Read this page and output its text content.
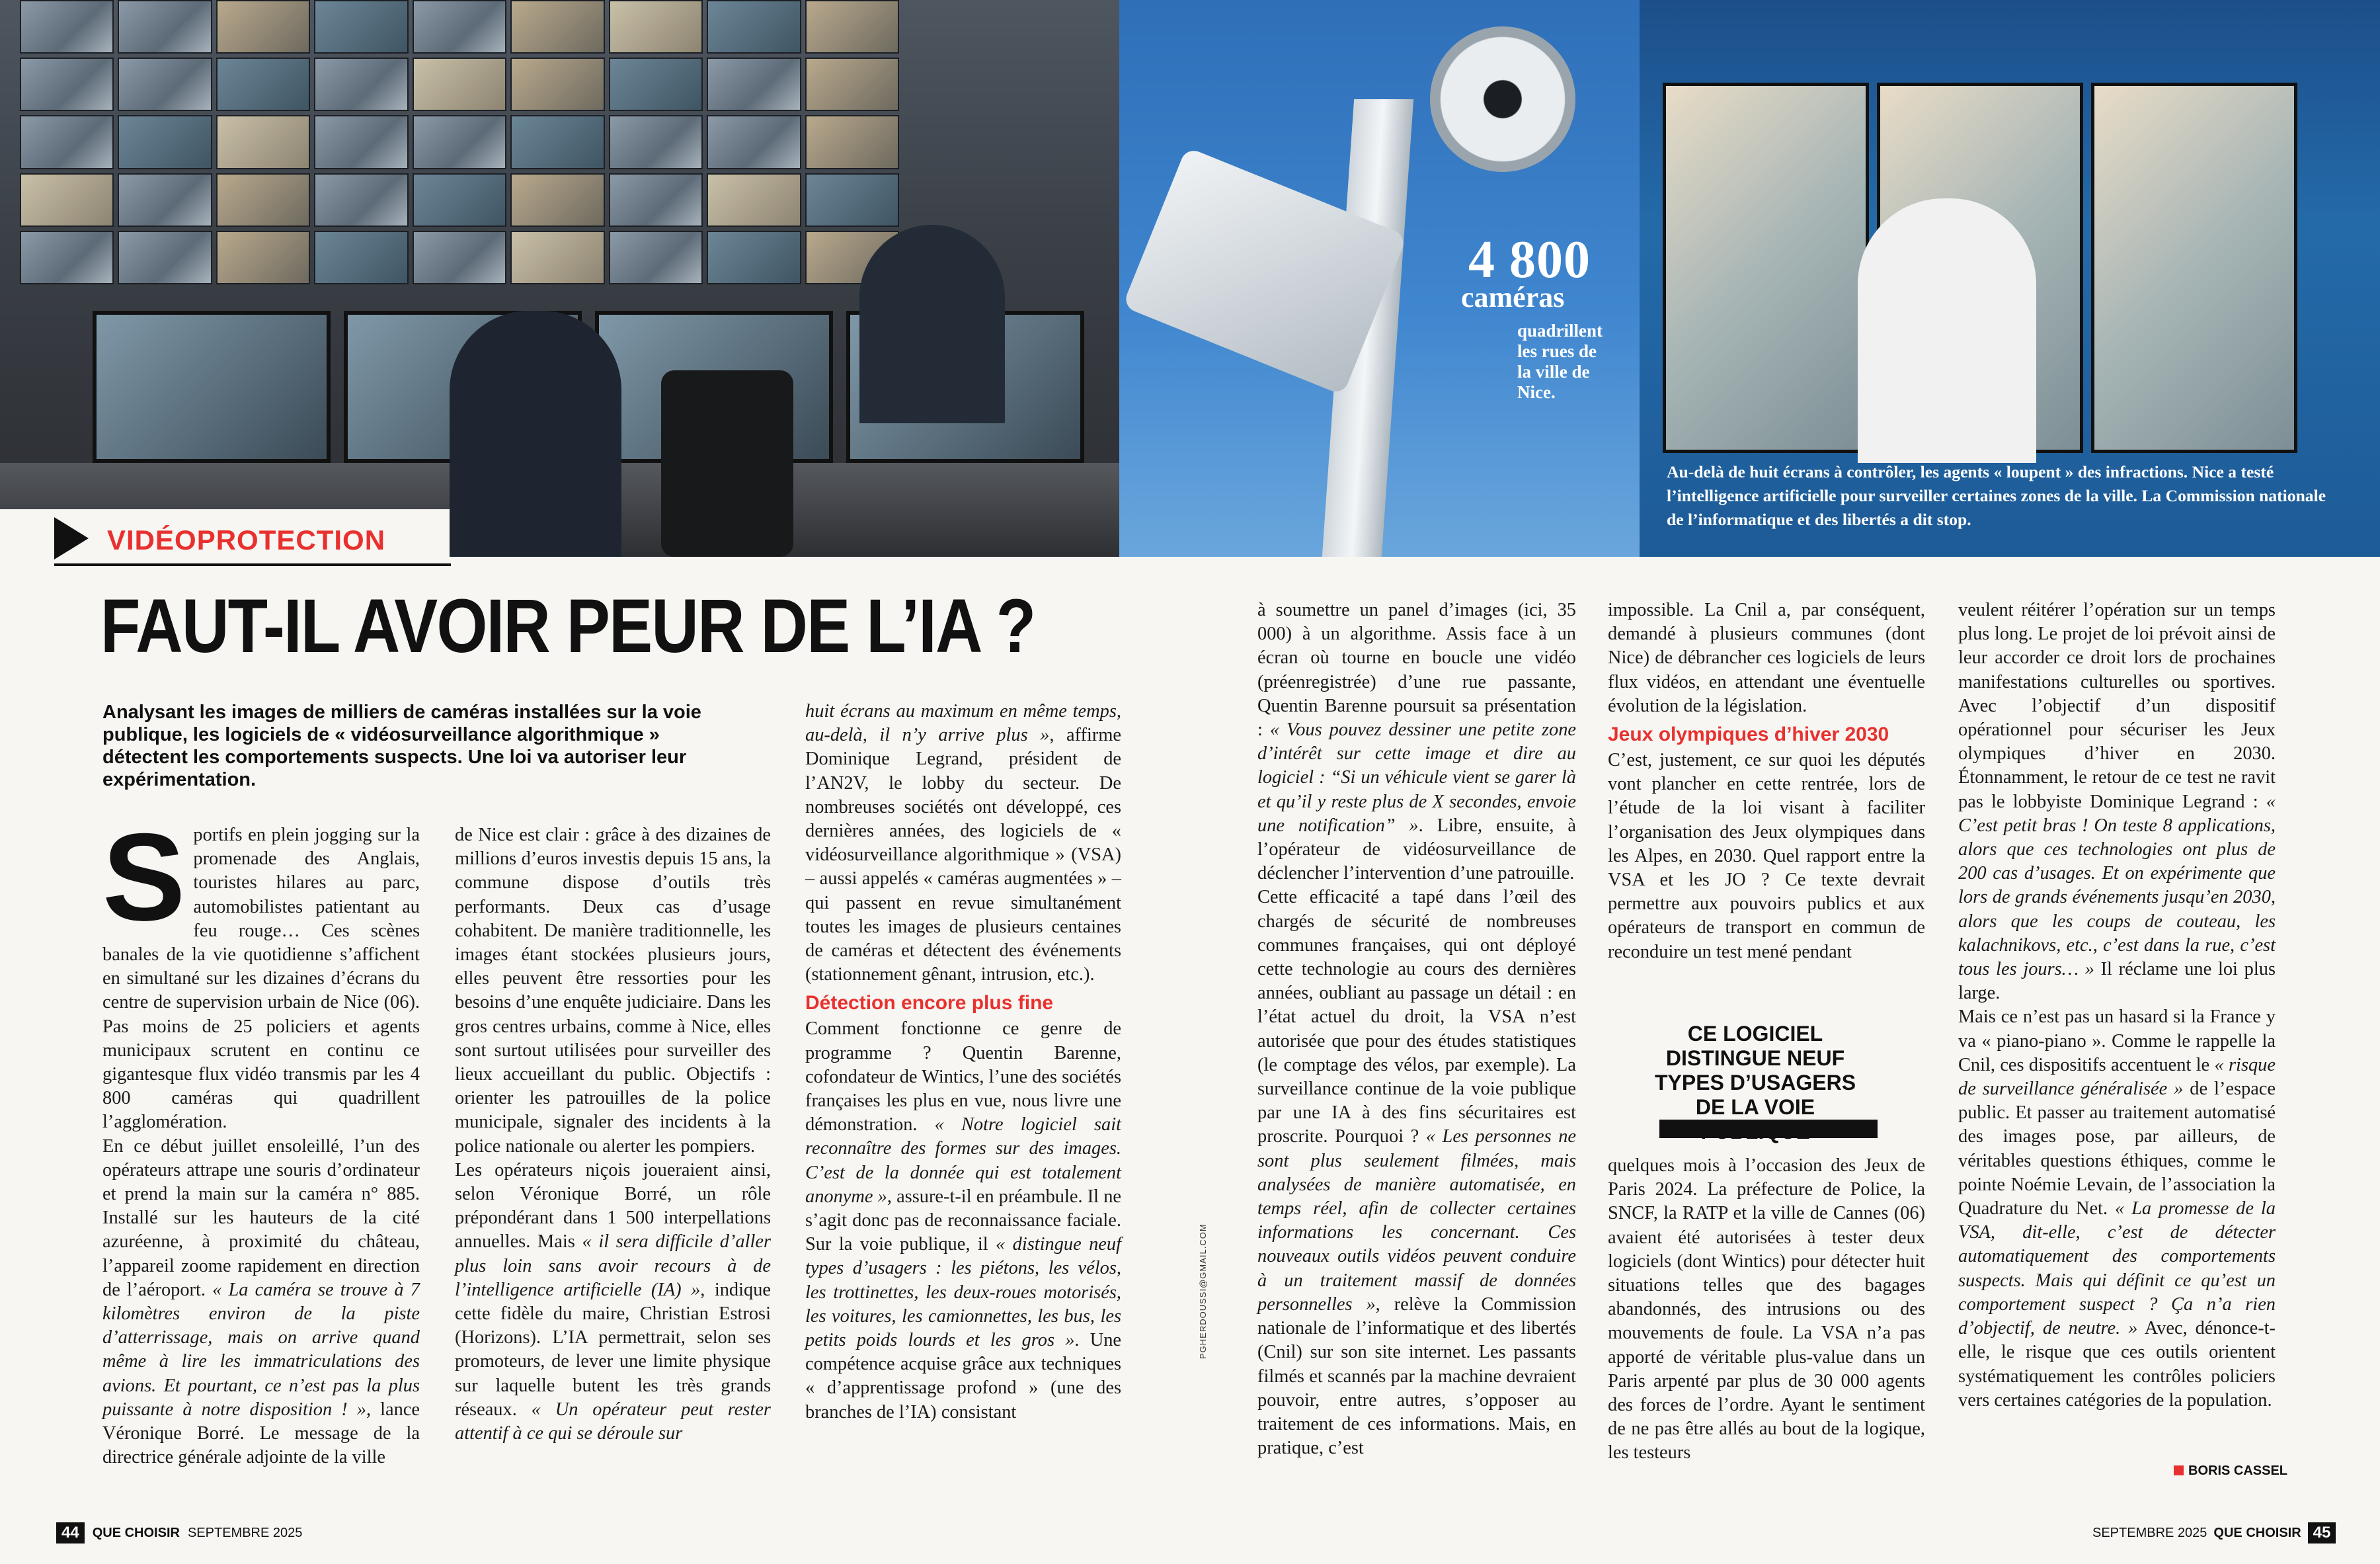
4 800
caméras
quadrillent les rues de la ville de Nice.
Au-delà de huit écrans à contrôler, les agents « loupent » des infractions. Nice a testé l’intelligence artificielle pour surveiller certaines zones de la ville. La Commission nationale de l’informatique et des libertés a dit stop.
VIDÉOPROTECTION
FAUT-IL AVOIR PEUR DE L’IA ?
Analysant les images de milliers de caméras installées sur la voie publique, les logiciels de « vidéosurveillance algorithmique » détectent les comportements suspects. Une loi va autoriser leur expérimentation.
S portifs en plein jogging sur la promenade des Anglais, touristes hilares au parc, automobilistes patientant au feu rouge… Ces scènes banales de la vie quotidienne s’affichent en simultané sur les dizaines d’écrans du centre de supervision urbain de Nice (06). Pas moins de 25 policiers et agents municipaux scrutent en continu ce gigantesque flux vidéo transmis par les 4 800 caméras qui quadrillent l’agglomération.

En ce début juillet ensoleillé, l’un des opérateurs attrape une souris d’ordinateur et prend la main sur la caméra n° 885. Installé sur les hauteurs de la cité azuréenne, à proximité du château, l’appareil zoome rapidement en direction de l’aéroport. « La caméra se trouve à 7 kilomètres environ de la piste d’atterrissage, mais on arrive quand même à lire les immatriculations des avions. Et pourtant, ce n’est pas la plus puissante à notre disposition ! », lance Véronique Borré. Le message de la directrice générale adjointe de la ville

de Nice est clair : grâce à des dizaines de millions d’euros investis depuis 15 ans, la commune dispose d’outils très performants. Deux cas d’usage cohabitent. De manière traditionnelle, les images étant stockées plusieurs jours, elles peuvent être ressorties pour les besoins d’une enquête judiciaire. Dans les gros centres urbains, comme à Nice, elles sont surtout utilisées pour surveiller des lieux accueillant du public. Objectifs : orienter les patrouilles de la police municipale, signaler des incidents à la police nationale ou alerter les pompiers.

Les opérateurs niçois joueraient ainsi, selon Véronique Borré, un rôle prépondérant dans 1 500 interpellations annuelles. Mais « il sera difficile d’aller plus loin sans avoir recours à de l’intelligence artificielle (IA) », indique cette fidèle du maire, Christian Estrosi (Horizons). L’IA permettrait, selon ses promoteurs, de lever une limite physique sur laquelle butent les très grands réseaux. « Un opérateur peut rester attentif à ce qui se déroule sur

huit écrans au maximum en même temps, au-delà, il n’y arrive plus », affirme Dominique Legrand, président de l’AN2V, le lobby du secteur. De nombreuses sociétés ont développé, ces dernières années, des logiciels de « vidéosurveillance algorithmique » (VSA) – aussi appelés « caméras augmentées » – qui passent en revue simultanément toutes les images de plusieurs centaines de caméras et détectent des événements (stationnement gênant, intrusion, etc.).

Détection encore plus fine

Comment fonctionne ce genre de programme ? Quentin Barenne, cofondateur de Wintics, l’une des sociétés françaises les plus en vue, nous livre une démonstration. « Notre logiciel sait reconnaître des formes sur des images. C’est de la donnée qui est totalement anonyme », assure-t-il en préambule. Il ne s’agit donc pas de reconnaissance faciale. Sur la voie publique, il « distingue neuf types d’usagers : les piétons, les vélos, les trottinettes, les deux-roues motorisés, les voitures, les camionnettes, les bus, les petits poids lourds et les gros ». Une compétence acquise grâce aux techniques « d’apprentissage profond » (une des branches de l’IA) consistant

PGHERDOUSSI@GMAIL.COM

à soumettre un panel d’images (ici, 35 000) à un algorithme. Assis face à un écran où tourne en boucle une vidéo (préenregistrée) d’une rue passante, Quentin Barenne poursuit sa présentation : « Vous pouvez dessiner une petite zone d’intérêt sur cette image et dire au logiciel : “Si un véhicule vient se garer là et qu’il y reste plus de X secondes, envoie une notification” ». Libre, ensuite, à l’opérateur de vidéosurveillance de déclencher l’intervention d’une patrouille.

Cette efficacité a tapé dans l’œil des chargés de sécurité de nombreuses communes françaises, qui ont déployé cette technologie au cours des dernières années, oubliant au passage un détail : en l’état actuel du droit, la VSA n’est autorisée que pour des études statistiques (le comptage des vélos, par exemple). La surveillance continue de la voie publique par une IA à des fins sécuritaires est proscrite. Pourquoi ? « Les personnes ne sont plus seulement filmées, mais analysées de manière automatisée, en temps réel, afin de collecter certaines informations les concernant. Ces nouveaux outils vidéos peuvent conduire à un traitement massif de données personnelles », relève la Commission nationale de l’informatique et des libertés (Cnil) sur son site internet. Les passants filmés et scannés par la machine devraient pouvoir, entre autres, s’opposer au traitement de ces informations. Mais, en pratique, c’est

impossible. La Cnil a, par conséquent, demandé à plusieurs communes (dont Nice) de débrancher ces logiciels de leurs flux vidéos, en attendant une éventuelle évolution de la législation.

Jeux olympiques d’hiver 2030

C’est, justement, ce sur quoi les députés vont plancher en cette rentrée, lors de l’étude de la loi visant à faciliter l’organisation des Jeux olympiques dans les Alpes, en 2030. Quel rapport entre la VSA et les JO ? Ce texte devrait permettre aux pouvoirs publics et aux opérateurs de transport en commun de reconduire un test mené pendant

CE LOGICIEL DISTINGUE NEUF TYPES D’USAGERS DE LA VOIE

quelques mois à l’occasion des Jeux de Paris 2024. La préfecture de Police, la SNCF, la RATP et la ville de Cannes (06) avaient été autorisées à tester deux logiciels (dont Wintics) pour détecter huit situations telles que des bagages abandonnés, des intrusions ou des mouvements de foule. La VSA n’a pas apporté de véritable plus-value dans un Paris arpenté par plus de 30 000 agents des forces de l’ordre. Ayant le sentiment de ne pas être allés au bout de la logique, les testeurs

veulent réitérer l’opération sur un temps plus long. Le projet de loi prévoit ainsi de leur accorder ce droit lors de prochaines manifestations culturelles ou sportives. Avec l’objectif d’un dispositif opérationnel pour sécuriser les Jeux olympiques d’hiver en 2030. Étonnamment, le retour de ce test ne ravit pas le lobbyiste Dominique Legrand : « C’est petit bras ! On teste 8 applications, alors que ces technologies ont plus de 200 cas d’usages. Et on expérimente que lors de grands événements jusqu’en 2030, alors que les coups de couteau, les kalachnikovs, etc., c’est dans la rue, c’est tous les jours… » Il réclame une loi plus large.

Mais ce n’est pas un hasard si la France y va « piano-piano ». Comme le rappelle la Cnil, ces dispositifs accentuent le « risque de surveillance généralisée » de l’espace public. Et passer au traitement automatisé des images pose, par ailleurs, de véritables questions éthiques, comme le pointe Noémie Levain, de l’association la Quadrature du Net. « La promesse de la VSA, dit-elle, c’est de détecter automatiquement des comportements suspects. Mais qui définit ce qu’est un comportement suspect ? Ça n’a rien d’objectif, de neutre. » Avec, dénonce-t-elle, le risque que ces outils orientent systématiquement les contrôles policiers vers certaines catégories de la population.

BORIS CASSEL
44	QUE CHOISIR SEPTEMBRE 2025	SEPTEMBRE 2025 QUE CHOISIR 45
